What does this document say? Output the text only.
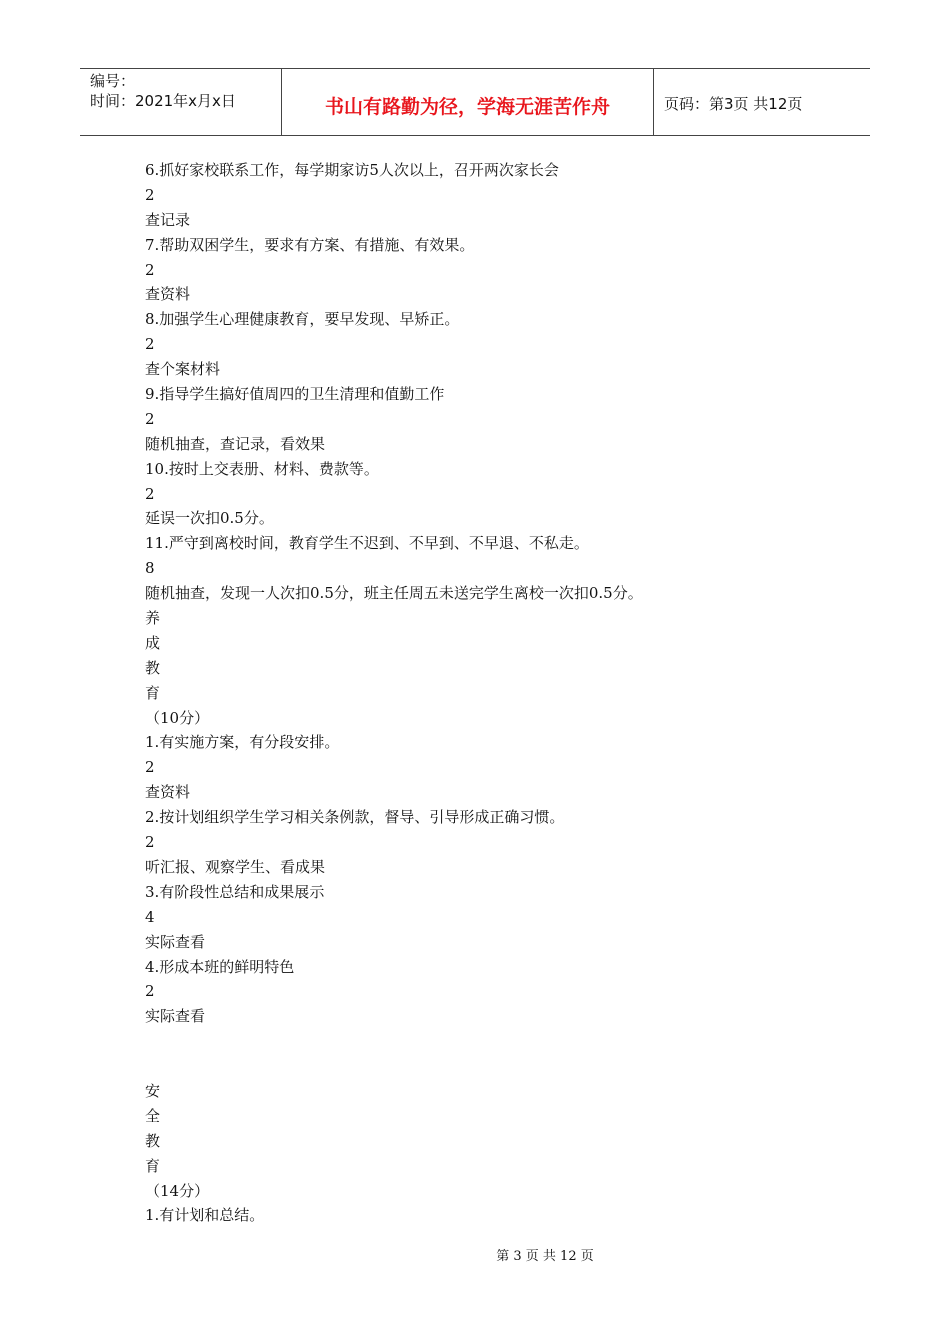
编号：
时间：2021年x月x日	书山有路勤为径，学海无涯苦作舟	页码：第3页 共12页
6.抓好家校联系工作，每学期家访5人次以上，召开两次家长会
2
查记录
7.帮助双困学生，要求有方案、有措施、有效果。
2
查资料
8.加强学生心理健康教育，要早发现、早矫正。
2
查个案材料
9.指导学生搞好值周四的卫生清理和值勤工作
2
随机抽查，查记录，看效果
10.按时上交表册、材料、费款等。
2
延误一次扣0.5分。
11.严守到离校时间，教育学生不迟到、不早到、不早退、不私走。
8
随机抽查，发现一人次扣0.5分，班主任周五未送完学生离校一次扣0.5分。
养
成
教
育
（10分）
1.有实施方案，有分段安排。
2
查资料
2.按计划组织学生学习相关条例款，督导、引导形成正确习惯。
2
听汇报、观察学生、看成果
3.有阶段性总结和成果展示
4
实际查看
4.形成本班的鲜明特色
2
实际查看
安
全
教
育
（14分）
1.有计划和总结。
第 3 页 共 12 页
